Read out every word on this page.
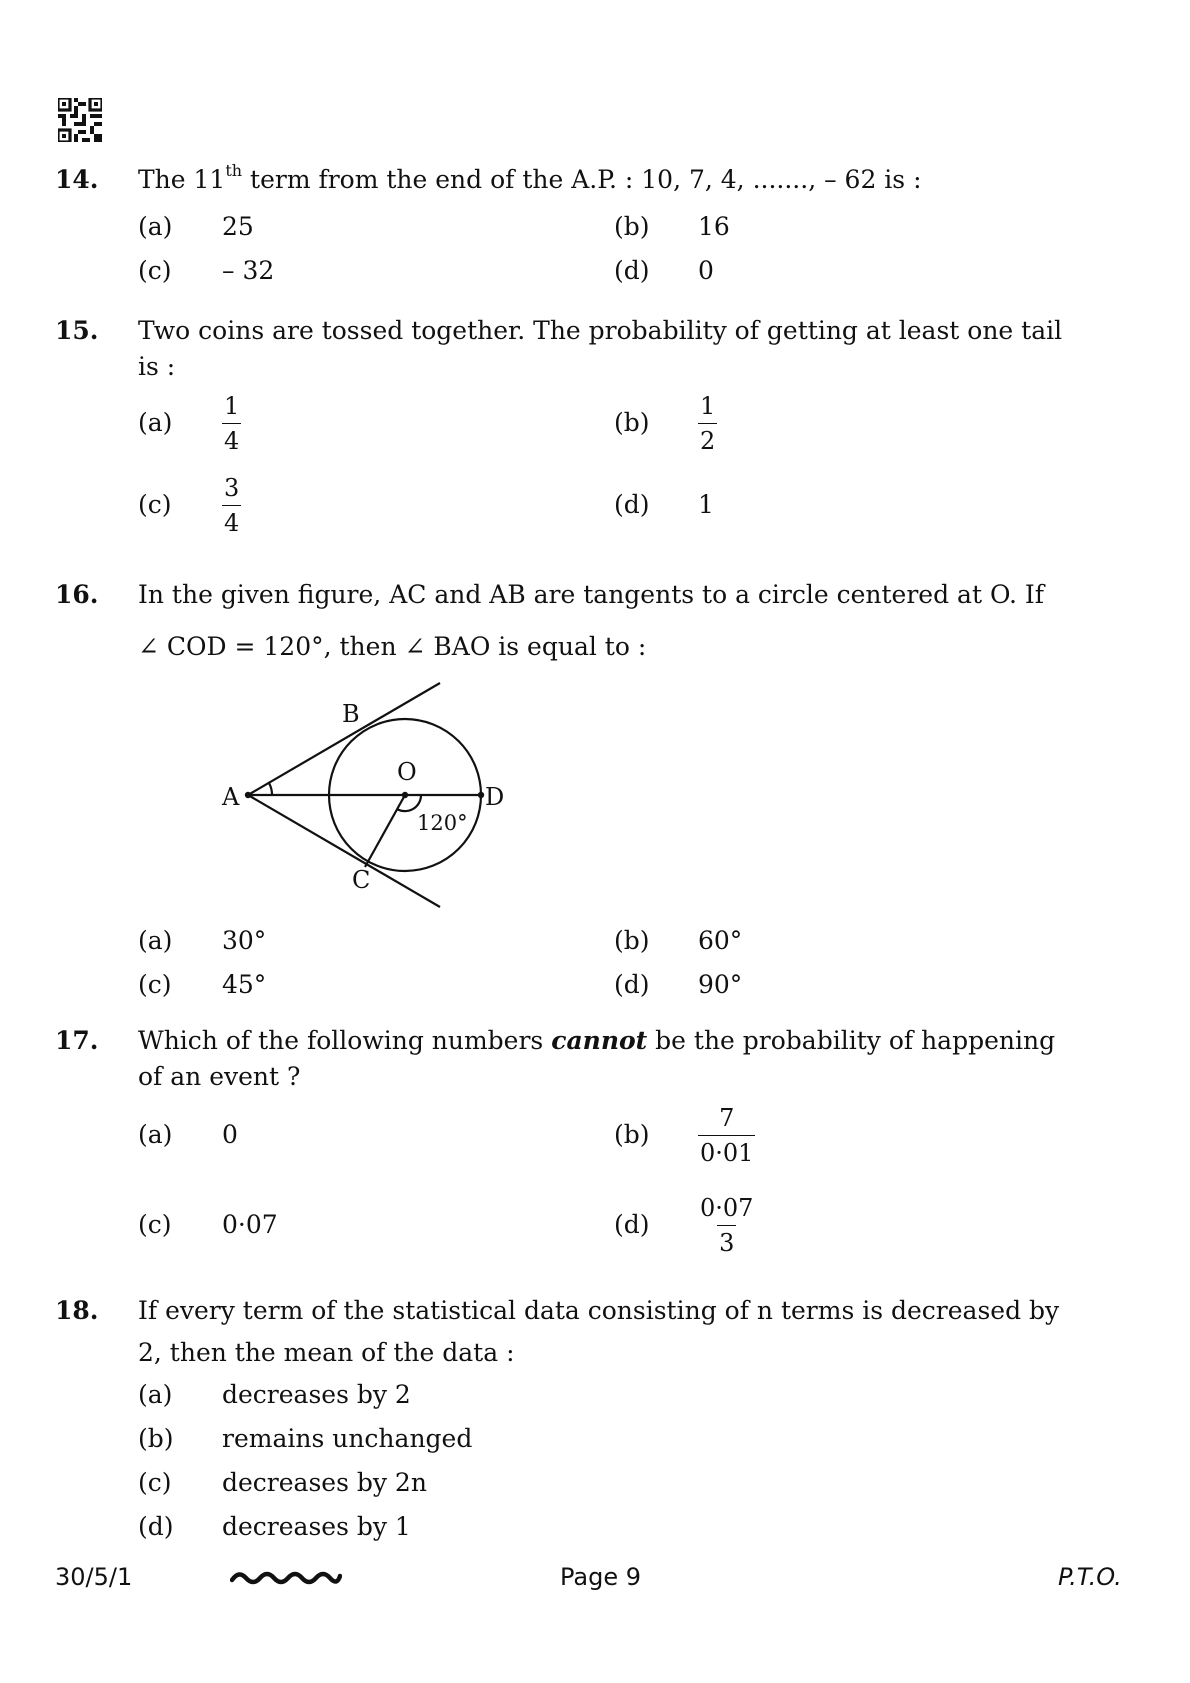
14. The 11th term from the end of the A.P. : 10, 7, 4, ......., – 62 is :
(a) 25	(b) 16
(c) – 32	(d) 0
15. Two coins are tossed together. The probability of getting at least one tail
is :
$(a) \frac{1}{4}$	$(b) \frac{1}{2}$
$(c) \frac{3}{4}$	(d) 1
16. In the given figure, AC and AB are tangents to a circle centered at O. If
∠ COD = 120°, then ∠ BAO is equal to :
A
B
C
D
O
120°
(a) 30°	(b) 60°
(c) 45°	(d) 90°
17. Which of the following numbers cannot be the probability of happening
of an event ?
(a) 0	$(b) \frac{7}{0\cdot 01}$
(c) 0·07	$(d) \frac{0\cdot 07}{3}$
18. If every term of the statistical data consisting of n terms is decreased by
2, then the mean of the data :
(a) decreases by 2
(b) remains unchanged
(c) decreases by 2n
(d) decreases by 1
30/5/1	Page 9	P.T.O.
